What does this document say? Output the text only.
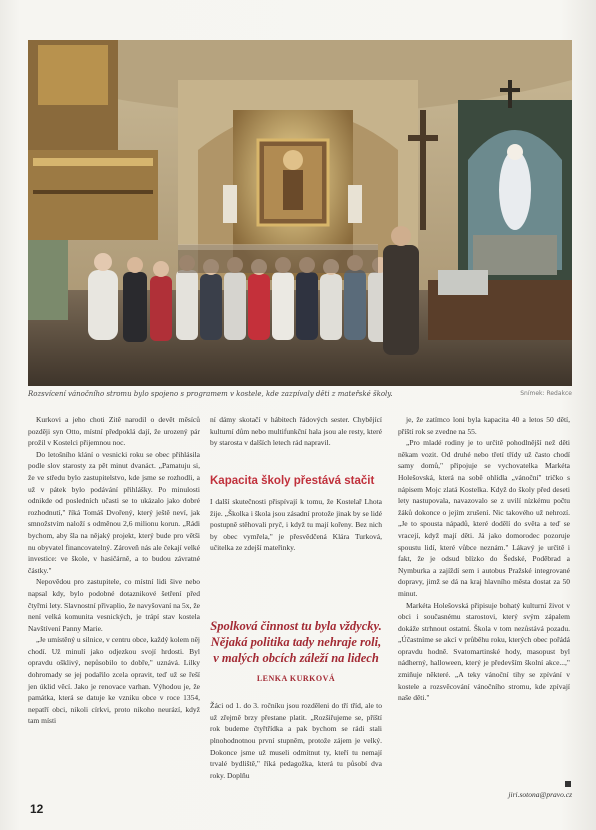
Rozsvícení vánočního stromu bylo spojeno s programem v kostele, kde zazpívaly děti z mateřské školy.	Snímek: Redakce

Kurkovi a jeho choti Zitě narodil o devět měsíců později syn Otto, místní předpoklá dají, že urozený pár prožil v Kostelci přijemnou noc.

Do letošního klání o vesnicki roku se obec přihlásila podle slov starosty za pět minut dvanáct. „Pamatuju si, že ve středu bylo zastupitelstvo, kde jsme se rozhodli, a už v pátek bylo podávání přihlášky. Po minulosti odnikde od posledních učasti se to ukázalo jako dobré rozhodnutí," říká Tomáš Dvořený, který ještě neví, jak smnožstvím naloží s odměnou 2,6 milionu korun. „Rádi bychom, aby šla na nějaký projekt, který bude pro větši nu obyvatel financovatelný. Zároveň nás ale čekají velké investice: ve škole, v hasičárně, a to budou závratné částky."

Nepovědou pro zastupitele, co místní lidi šive nebo napsal kdy, bylo podobné dotaznikové šetření před čtyřmi lety. Slavnostní přivaplio, že navyšovaní na 5x, že není velká komunita vesnických, je trápí stav kostela Navštívení Panny Marie.

„Je umístěný u silnice, v centru obce, každý kolem něj chodí. Už minulí jako odjezkou svojí hrdosti. Byl opravdu ošklivý, nepůsobilo to dobře," uznává. Lilky dohromady se jej podařilo zcela opravit, teď už se řeší jen úklid věcí. Jako je renovace varhan. Výhodou je, že památka, která se datuje ke vzniku obce v roce 1354, nepatří obci, nikoli církvi, proto nikoho neurází, když tam místi

ní dámy skotačí v hábitech řádových sester. Chybějící kulturní dům nebo multifunkční hala jsou ale resty, které by starosta v dalších letech rád napravil.
Kapacita školy přestává stačit
I další skutečnosti přispívají k tomu, že Kostelař Lhota žije. „Školka i škola jsou zásadní protože jinak by se lidé postupně stěhovali pryč, i když tu mají kořeny. Bez nich by obec vymřela," je přesvědčená Klára Turková, učitelka ze zdejší mateřinky.
Spolková činnost tu byla vždycky. Nějaká politika tady nehraje roli, v malých obcích záleží na lidech
LENKA KURKOVÁ
Žáci od 1. do 3. ročníku jsou rozděleni do tří tříd, ale to už zřejmě brzy přestane platit. „Rozšiřujeme se, příští rok budeme čtyřtřídka a pak bychom se rádi stali plnohodnotnou první stupněm, protože zájem je velký. Dokonce jsme už museli odmítnut ty, kteří tu nemají trvalé bydliště," říká pedagožka, která tu působí dva roky. Doplňu

je, že zatímco loni byla kapacita 40 a letos 50 dětí, příští rok se zvedne na 55.

„Pro mladé rodiny je to určitě pohodlnější než děti někam vozit. Od druhé nebo třetí třídy už často chodí samy domů," připojuje se vychovatelka Markéta Holešovská, která na sobě ohlídla „vánoční" tričko s nápisem Mojc zlatá Kostelka. Když do školy před deseti lety nastupovala, navazovalo se z uvilí nízkému počtu žáků dokonce o jejím zrušení. Nic takového už nehrozí. „Je to spousta nápadů, které dodělí do světa a teď se vracejí, když mají děti. Já jako domorodec pozoruje spoustu lidí, které vůbce neznám." Lákavý je určitě i fakt, že je odsud blízko do Šedské, Poděbrad a Nymburka a zajíždí sem i autobus Pražské integrované dopravy, jimž se dá na kraj hlavního města dostat za 50 minut.

Markéta Holešovská připisuje bohatý kulturní život v obci i současnému starostovi, který svým zápalem dokáže strhnout ostatní. Škola v tom nezůstává pozadu. „Účastníme se akcí v průběhu roku, kterých obec pořádá opravdu hodně. Svatomartinské hody, masopust byl nádherný, halloween, který je především školní akce...," zmiňuje některé. „A teky vánoční tihy se zpívání v kostele a rozsvěcování vánočního stromu, kde zpívají naše děti."

jiri.sotona@pravo.cz
12
